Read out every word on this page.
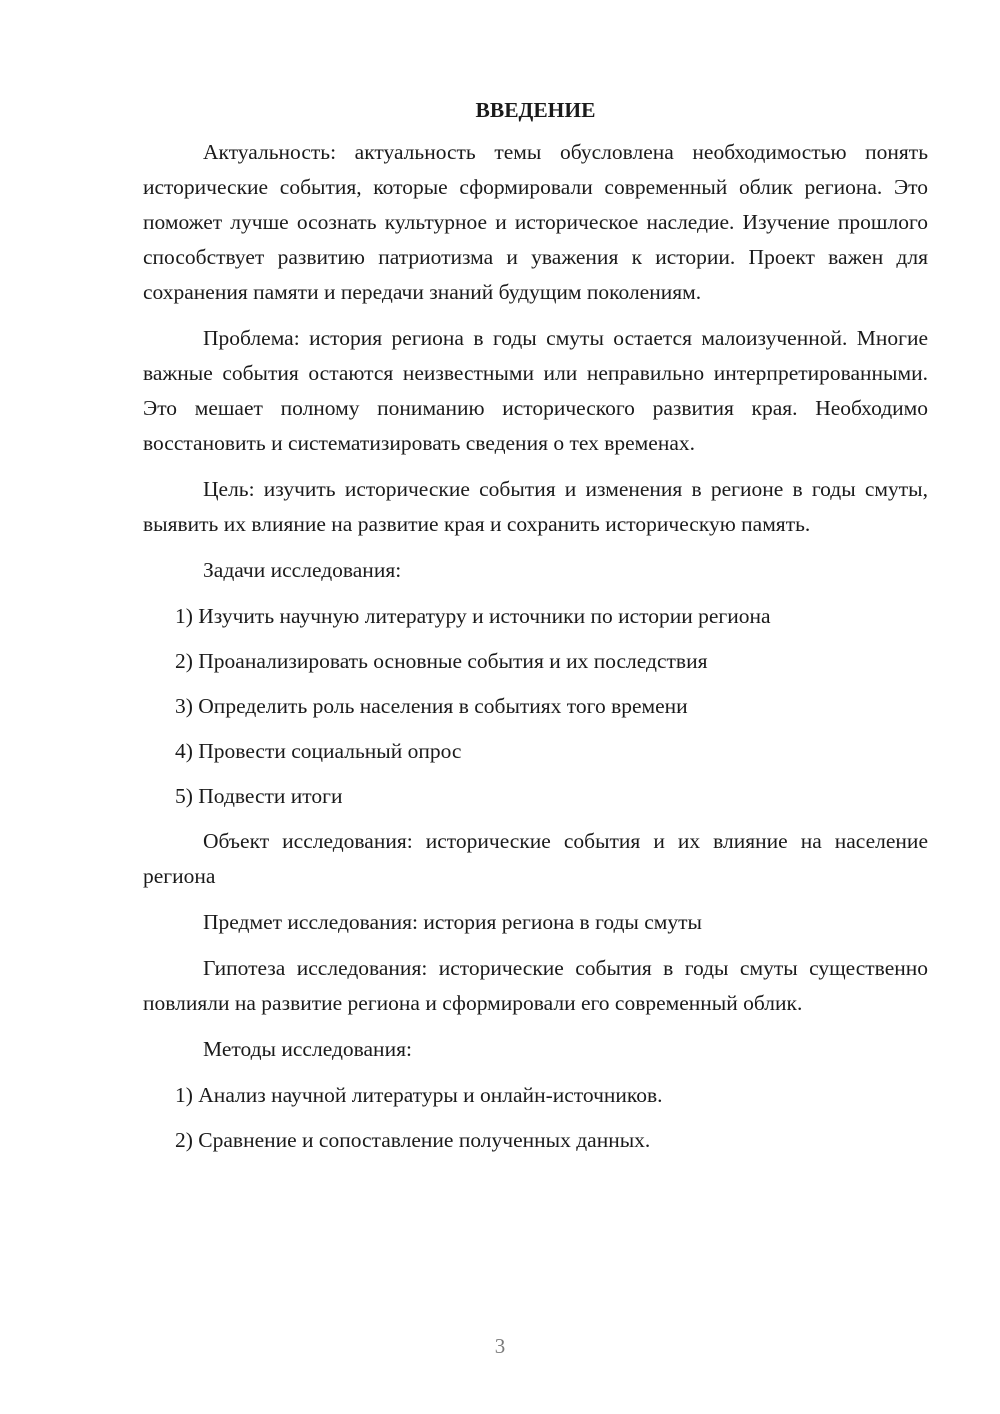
ВВЕДЕНИЕ

Актуальность: актуальность темы обусловлена необходимостью понять исторические события, которые сформировали современный облик региона. Это поможет лучше осознать культурное и историческое наследие. Изучение прошлого способствует развитию патриотизма и уважения к истории. Проект важен для сохранения памяти и передачи знаний будущим поколениям.

Проблема: история региона в годы смуты остается малоизученной. Многие важные события остаются неизвестными или неправильно интерпретированными. Это мешает полному пониманию исторического развития края. Необходимо восстановить и систематизировать сведения о тех временах.

Цель: изучить исторические события и изменения в регионе в годы смуты, выявить их влияние на развитие края и сохранить историческую память.

Задачи исследования:

1) Изучить научную литературу и источники по истории региона
2) Проанализировать основные события и их последствия
3) Определить роль населения в событиях того времени
4) Провести социальный опрос
5) Подвести итоги

Объект исследования: исторические события и их влияние на население региона

Предмет исследования: история региона в годы смуты

Гипотеза исследования: исторические события в годы смуты существенно повлияли на развитие региона и сформировали его современный облик.

Методы исследования:

1) Анализ научной литературы и онлайн-источников.
2) Сравнение и сопоставление полученных данных.
3
